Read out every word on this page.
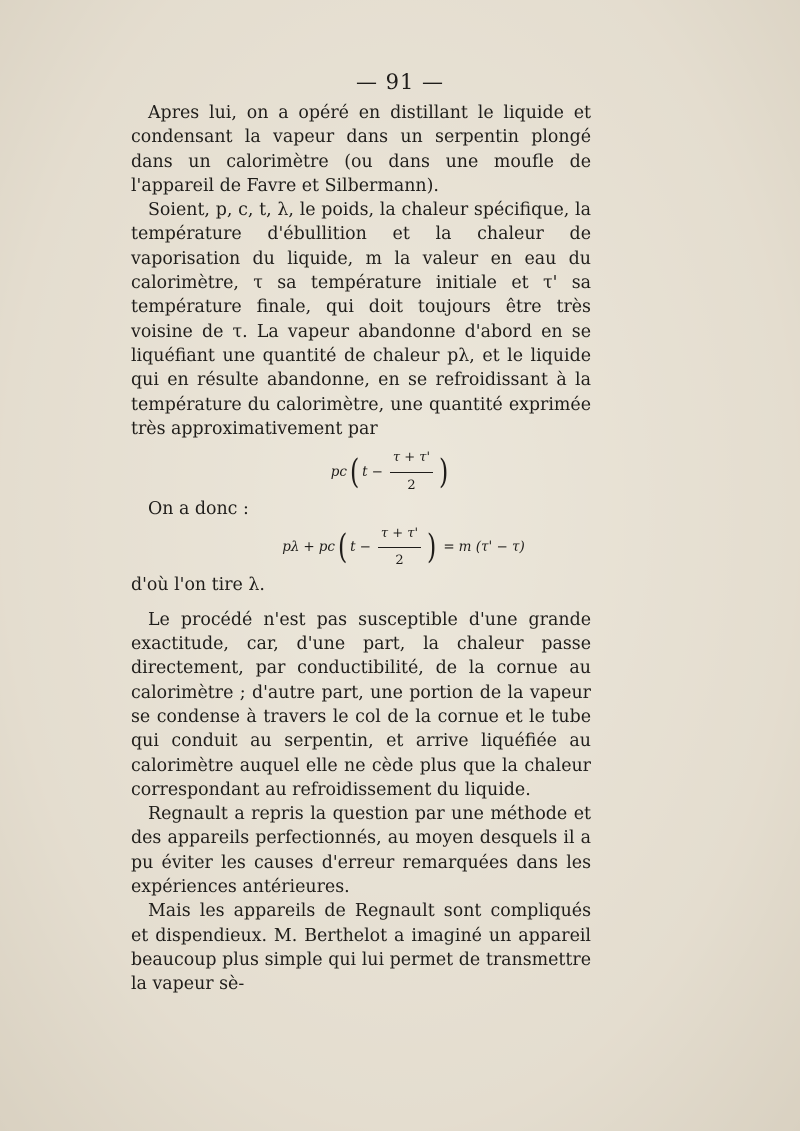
— 91 —

Apres lui, on a opéré en distillant le liquide et condensant la vapeur dans un serpentin plongé dans un calorimètre (ou dans une moufle de l'appareil de Favre et Silbermann).

Soient, p, c, t, λ, le poids, la chaleur spécifique, la température d'ébullition et la chaleur de vaporisation du liquide, m la valeur en eau du calorimètre, τ sa température initiale et τ' sa température finale, qui doit toujours être très voisine de τ. La vapeur abandonne d'abord en se liquéfiant une quantité de chaleur pλ, et le liquide qui en résulte abandonne, en se refroidissant à la température du calorimètre, une quantité exprimée très approximativement par

pc ( $t - \frac{\tau + \tau'}{2}$ )

On a donc :

pλ + pc ( $t - \frac{\tau + \tau'}{2}$ ) = m (τ' − τ)

d'où l'on tire λ.

Le procédé n'est pas susceptible d'une grande exactitude, car, d'une part, la chaleur passe directement, par conductibilité, de la cornue au calorimètre ; d'autre part, une portion de la vapeur se condense à travers le col de la cornue et le tube qui conduit au serpentin, et arrive liquéfiée au calorimètre auquel elle ne cède plus que la chaleur correspondant au refroidissement du liquide.

Regnault a repris la question par une méthode et des appareils perfectionnés, au moyen desquels il a pu éviter les causes d'erreur remarquées dans les expériences antérieures.

Mais les appareils de Regnault sont compliqués et dispendieux. M. Berthelot a imaginé un appareil beaucoup plus simple qui lui permet de transmettre la vapeur sè-
